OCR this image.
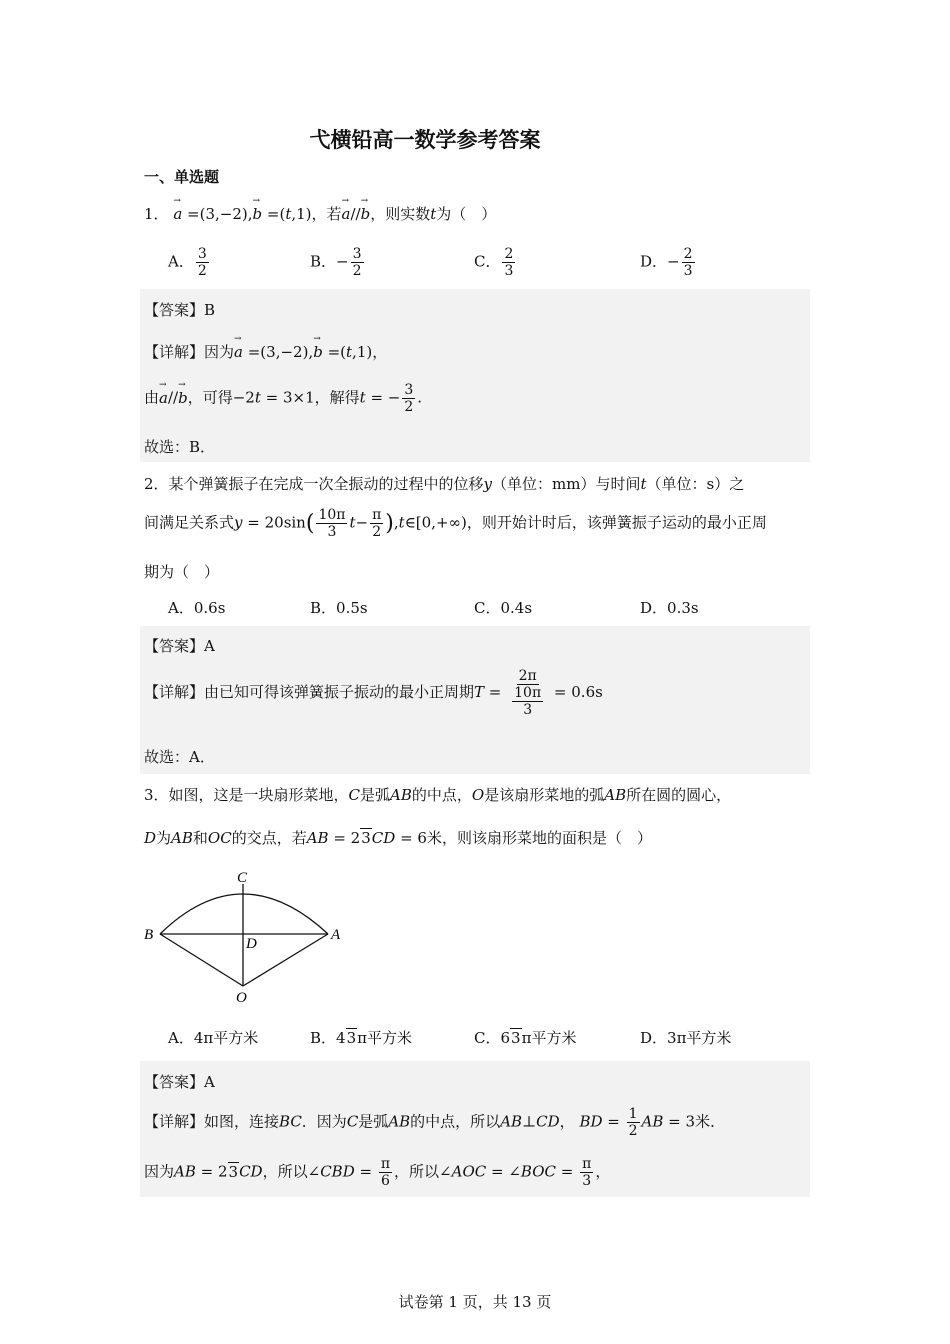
弋横铅高一数学参考答案
一、单选题
1． → a =(3,−2),→ b =(t,1)，若→ a//→ b，则实数t为（　）
A． $\frac{3}{2}$	B．− $\frac{3}{2}$	C． $\frac{2}{3}$	D．− $\frac{2}{3}$
【答案】B
【详解】因为→ a =(3,−2),→ b =(t,1)，
由→ a//→ b，可得−2t = 3×1，解得t = − $\frac{3}{2}$ .
故选：B．
2．某个弹簧振子在完成一次全振动的过程中的位移y（单位：mm）与时间t（单位：s）之
间满足关系式$y = 20\sin( \frac{10\pi}{3} t- \frac{\pi}{2}$ ),t∈[0,+∞)，则开始计时后，该弹簧振子运动的最小正周
期为（　）
A．0.6s	B．0.5s	C．0.4s	D．0.3s
【答案】A
【详解】由已知可得该弹簧振子振动的最小正周期$T = \frac{2\pi}{\frac{10\pi}{3}} = 0.6s$
故选：A．
3．如图，这是一块扇形菜地，C是弧AB的中点，O是该扇形菜地的弧AB所在圆的圆心，
D为AB和OC的交点，若AB = 23CD = 6米，则该扇形菜地的面积是（　）
C
B	A
D
O
A．4π平方米	B．43π平方米	C．63π平方米	D．3π平方米
【答案】A
【详解】如图，连接BC．因为C是弧AB的中点，所以AB⊥CD， BD = $\frac{1}{2}$ AB = 3米．
因为AB = 23CD，所以∠CBD = $\frac{\pi}{6}$ ，所以∠AOC = ∠BOC = $\frac{\pi}{3}$ ，
试卷第 1 页，共 13 页
